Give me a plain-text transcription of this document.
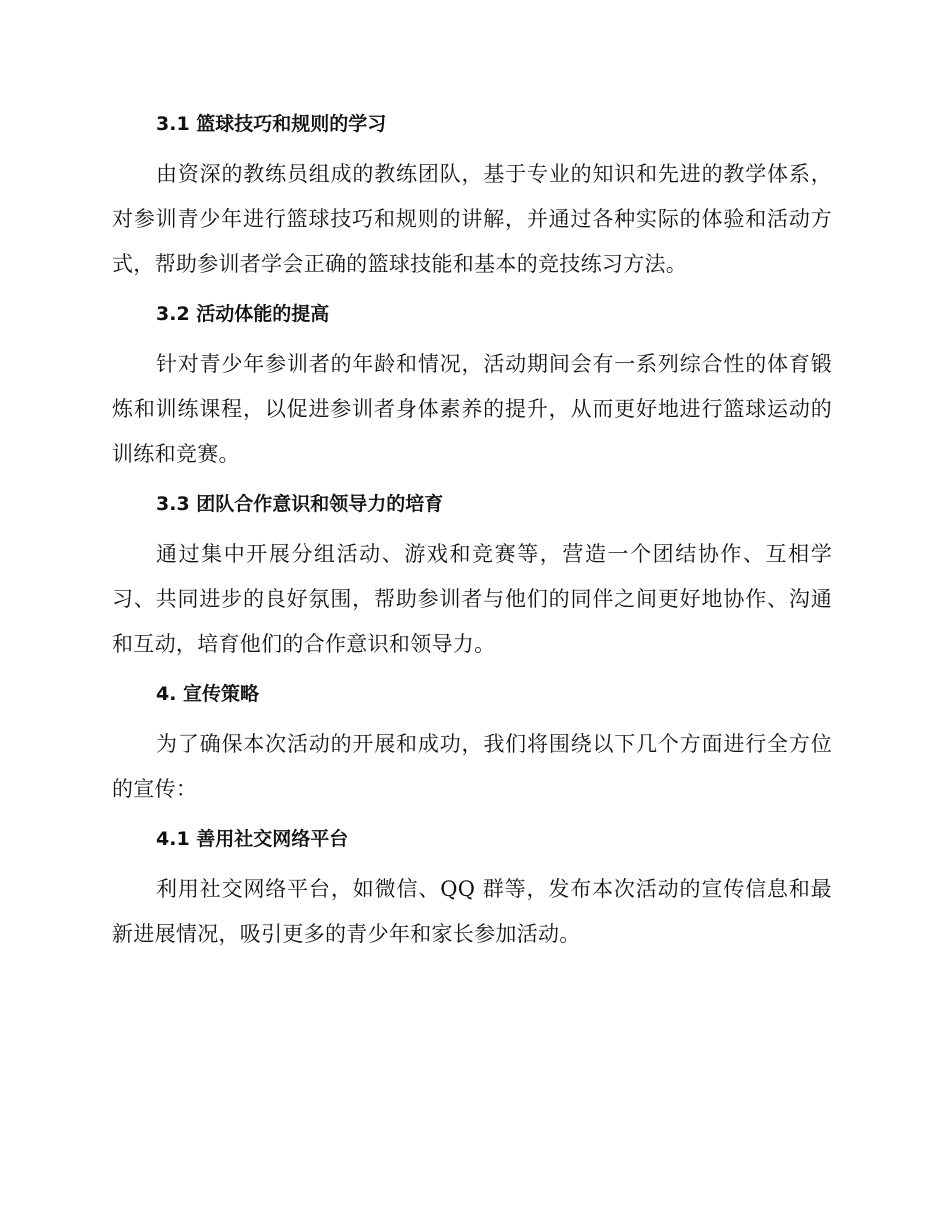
3.1 篮球技巧和规则的学习
由资深的教练员组成的教练团队，基于专业的知识和先进的教学体系，对参训青少年进行篮球技巧和规则的讲解，并通过各种实际的体验和活动方式，帮助参训者学会正确的篮球技能和基本的竞技练习方法。
3.2 活动体能的提高
针对青少年参训者的年龄和情况，活动期间会有一系列综合性的体育锻炼和训练课程，以促进参训者身体素养的提升，从而更好地进行篮球运动的训练和竞赛。
3.3 团队合作意识和领导力的培育
通过集中开展分组活动、游戏和竞赛等，营造一个团结协作、互相学习、共同进步的良好氛围，帮助参训者与他们的同伴之间更好地协作、沟通和互动，培育他们的合作意识和领导力。
4. 宣传策略
为了确保本次活动的开展和成功，我们将围绕以下几个方面进行全方位的宣传：
4.1 善用社交网络平台
利用社交网络平台，如微信、QQ 群等，发布本次活动的宣传信息和最新进展情况，吸引更多的青少年和家长参加活动。
